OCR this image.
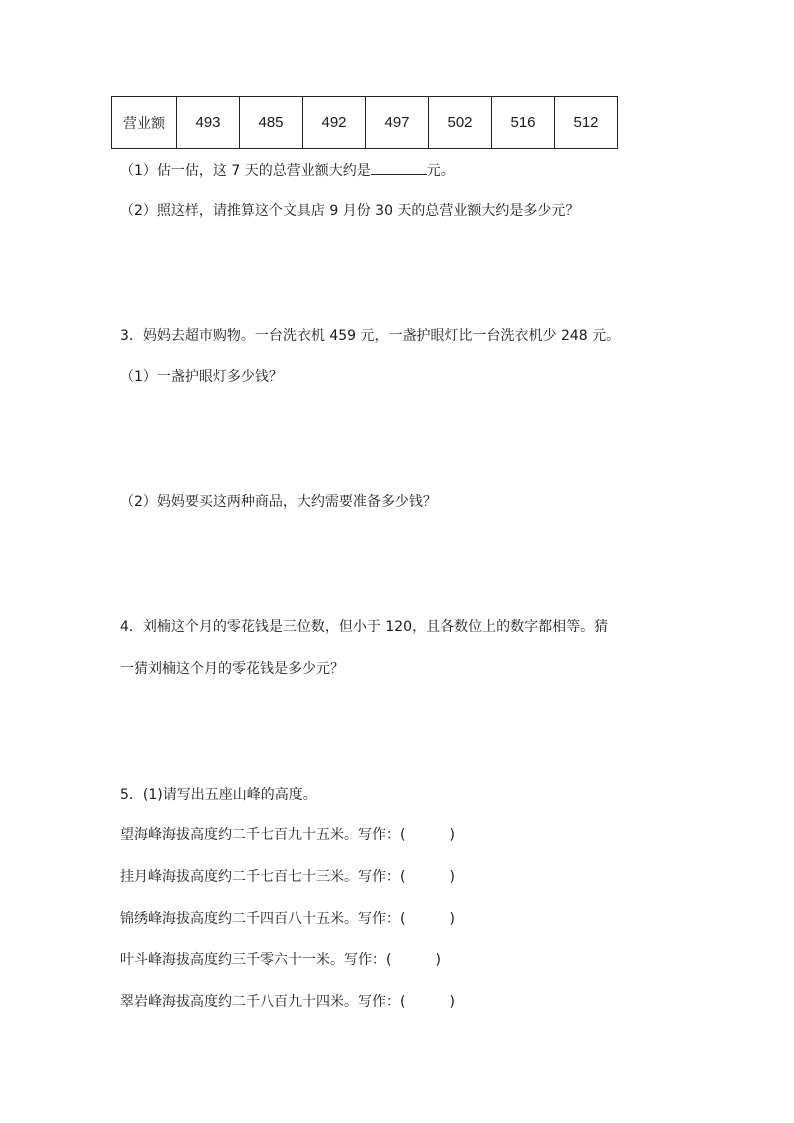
营业额	493	485	492	497	502	516	512
（1）估一估，这 7 天的总营业额大约是	元。
（2）照这样，请推算这个文具店 9 月份 30 天的总营业额大约是多少元？
3．妈妈去超市购物。一台洗衣机 459 元，一盏护眼灯比一台洗衣机少 248 元。
（1）一盏护眼灯多少钱？
（2）妈妈要买这两种商品，大约需要准备多少钱？
4．刘楠这个月的零花钱是三位数，但小于 120，且各数位上的数字都相等。猜
一猜刘楠这个月的零花钱是多少元？
5．(1)请写出五座山峰的高度。
望海峰海拔高度约二千七百九十五米。写作：(	)
挂月峰海拔高度约二千七百七十三米。写作：(	)
锦绣峰海拔高度约二千四百八十五米。写作：(	)
叶斗峰海拔高度约三千零六十一米。写作：(	)
翠岩峰海拔高度约二千八百九十四米。写作：(	)
